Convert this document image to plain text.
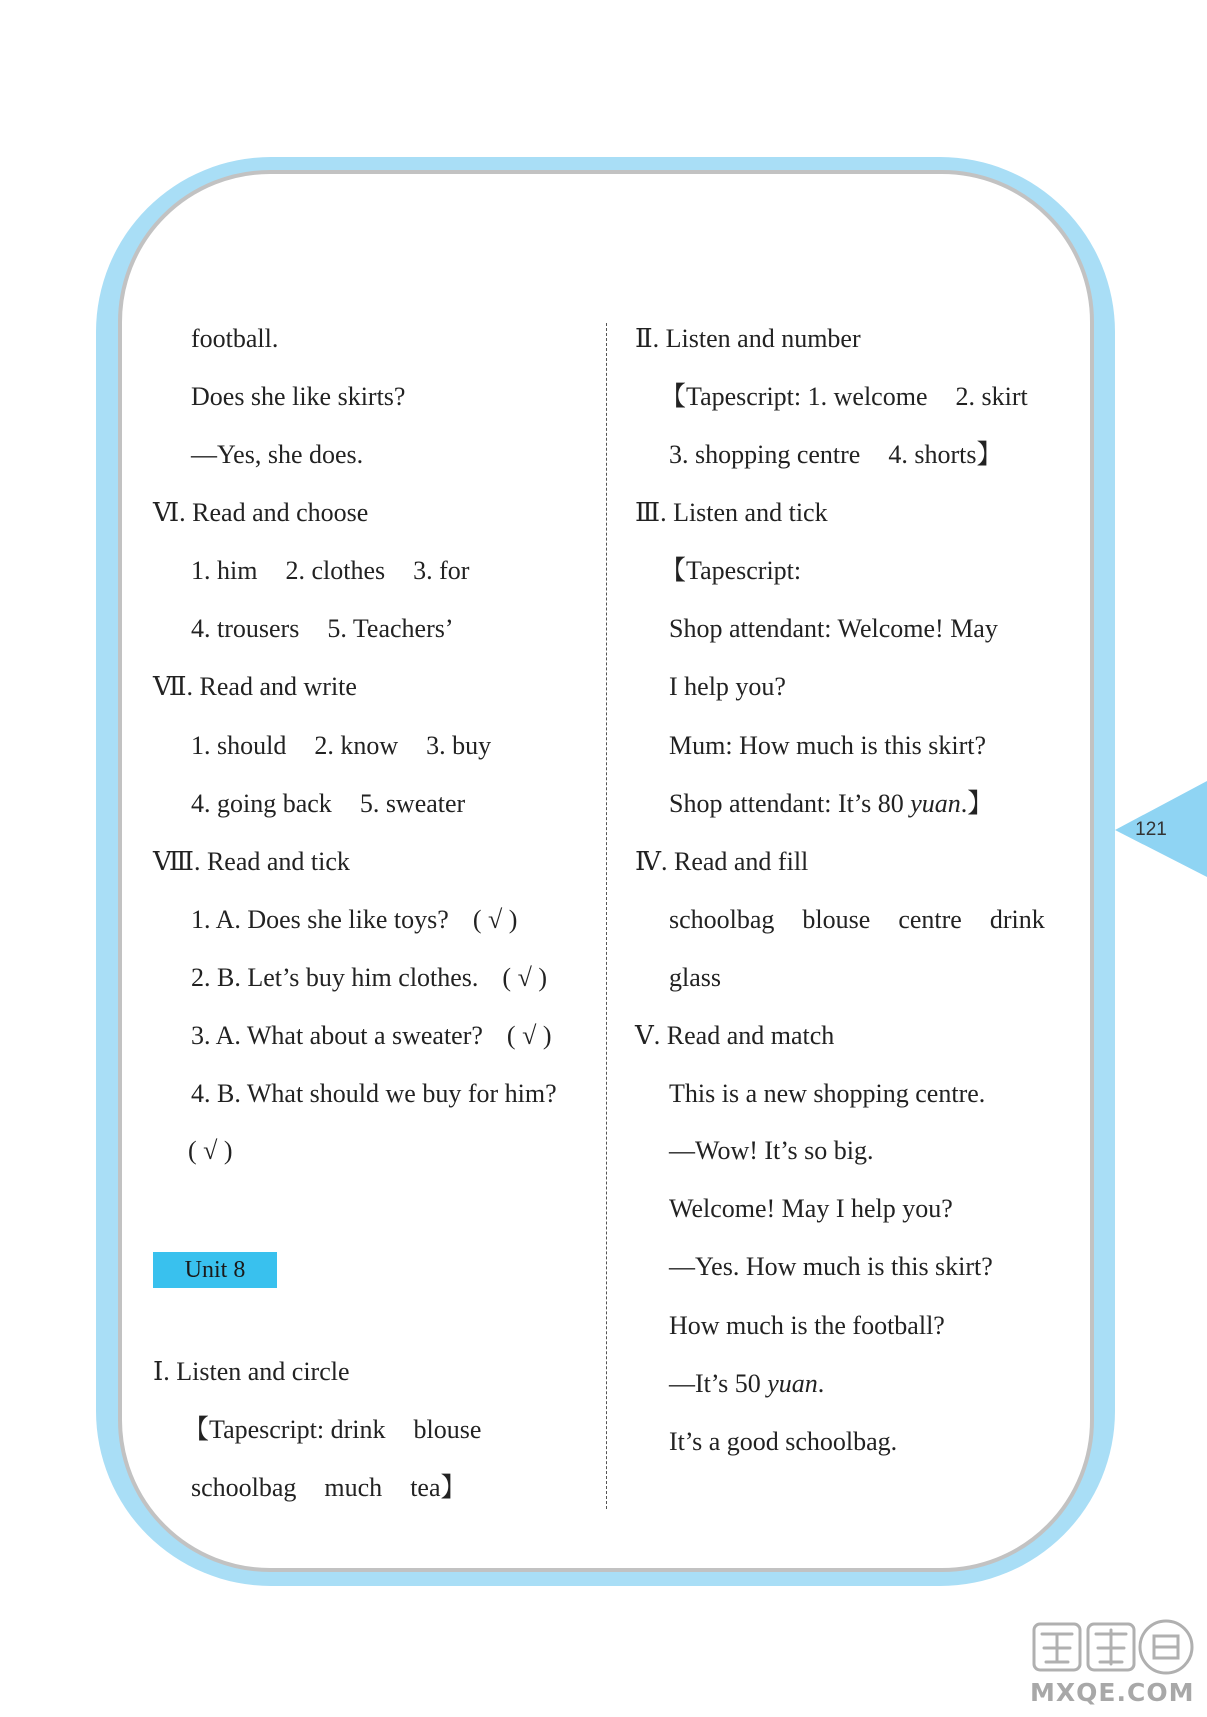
football.
Does she like skirts?
—Yes, she does.
Ⅵ. Read and choose
1. him 2. clothes 3. for
4. trousers 5. Teachers’
Ⅶ. Read and write
1. should 2. know 3. buy
4. going back 5. sweater
Ⅷ. Read and tick
1. A. Does she like toys? ( √ )
2. B. Let’s buy him clothes. ( √ )
3. A. What about a sweater? ( √ )
4. B. What should we buy for him?
( √ )
Unit 8
Ⅰ. Listen and circle
【Tapescript: drink blouse
schoolbag much tea】
Ⅱ. Listen and number
【Tapescript: 1. welcome 2. skirt
3. shopping centre 4. shorts】
Ⅲ. Listen and tick
【Tapescript:
Shop attendant: Welcome! May
I help you?
Mum: How much is this skirt?
Shop attendant: It’s 80 yuan.】
Ⅳ. Read and fill
schoolbag blouse centre drink
glass
Ⅴ. Read and match
This is a new shopping centre.
—Wow! It’s so big.
Welcome! May I help you?
—Yes. How much is this skirt?
How much is the football?
—It’s 50 yuan.
It’s a good schoolbag.
121
MXQE.COM
